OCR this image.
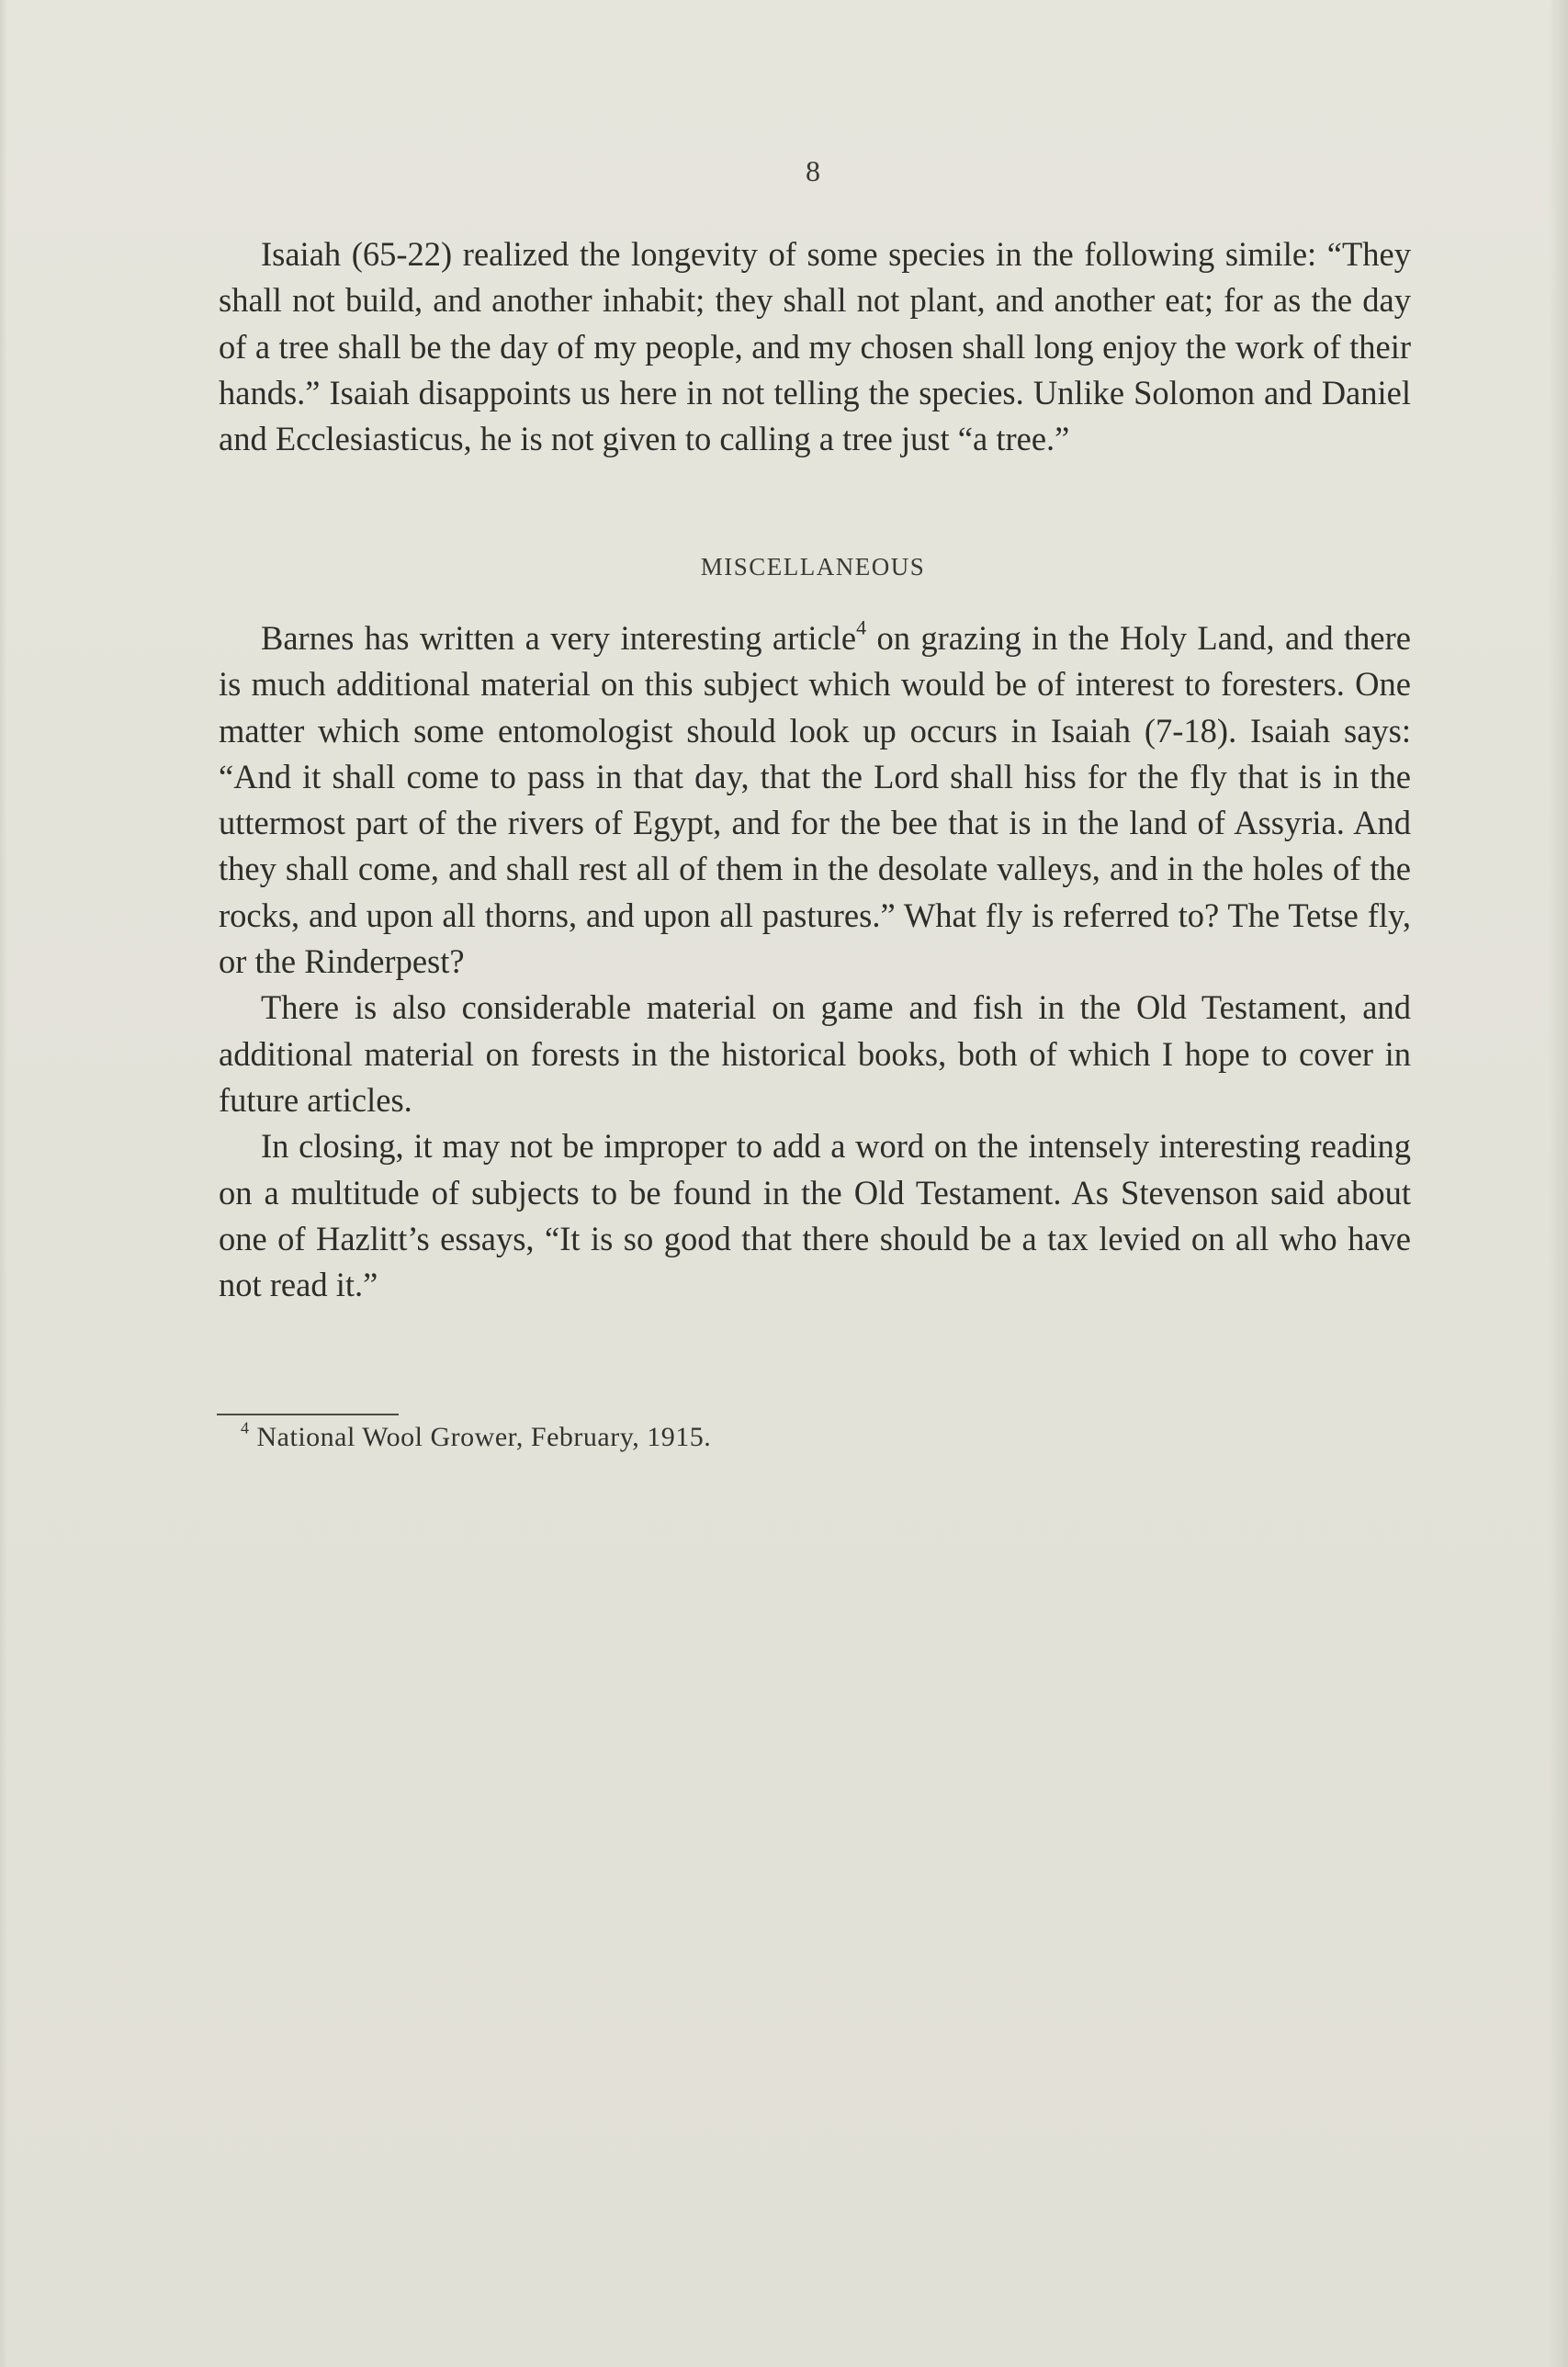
8

Isaiah (65-22) realized the longevity of some species in the following simile: “They shall not build, and another inhabit; they shall not plant, and another eat; for as the day of a tree shall be the day of my people, and my chosen shall long enjoy the work of their hands.” Isaiah disappoints us here in not telling the species. Unlike Solomon and Daniel and Ecclesiasticus, he is not given to calling a tree just “a tree.”

MISCELLANEOUS

Barnes has written a very interesting article$^4$ on grazing in the Holy Land, and there is much additional material on this subject which would be of interest to foresters. One matter which some entomologist should look up occurs in Isaiah (7-18). Isaiah says: “And it shall come to pass in that day, that the Lord shall hiss for the fly that is in the uttermost part of the rivers of Egypt, and for the bee that is in the land of Assyria. And they shall come, and shall rest all of them in the desolate valleys, and in the holes of the rocks, and upon all thorns, and upon all pastures.” What fly is referred to? The Tetse fly, or the Rinderpest?

There is also considerable material on game and fish in the Old Testament, and additional material on forests in the historical books, both of which I hope to cover in future articles.

In closing, it may not be improper to add a word on the intensely interesting reading on a multitude of subjects to be found in the Old Testament. As Stevenson said about one of Hazlitt’s essays, “It is so good that there should be a tax levied on all who have not read it.”

$^4$ National Wool Grower, February, 1915.
